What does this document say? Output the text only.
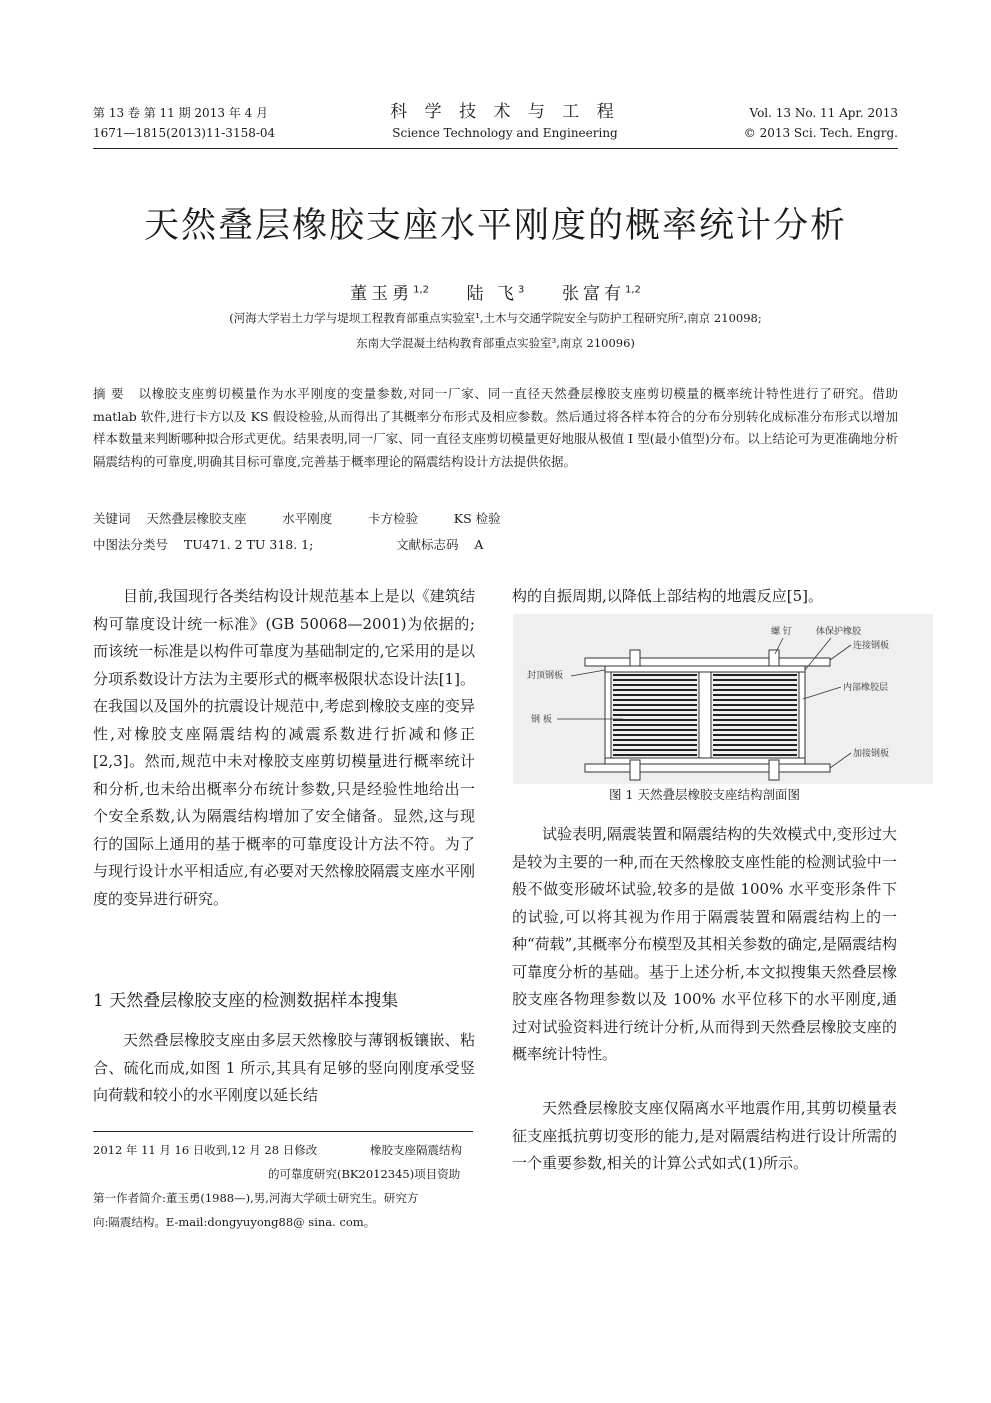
第 13 卷 第 11 期 2013 年 4 月
1671—1815(2013)11-3158-04
科 学 技 术 与 工 程
Science Technology and Engineering
Vol. 13 No. 11 Apr. 2013
© 2013 Sci. Tech. Engrg.
天然叠层橡胶支座水平刚度的概率统计分析
董玉勇$^{1,2}$ 陆 飞$^3$ 张富有$^{1,2}$
(河海大学岩土力学与堤坝工程教育部重点实验室¹,土木与交通学院安全与防护工程研究所²,南京 210098;
东南大学混凝土结构教育部重点实验室³,南京 210096)
摘 要 以橡胶支座剪切模量作为水平刚度的变量参数,对同一厂家、同一直径天然叠层橡胶支座剪切模量的概率统计特性进行了研究。借助 matlab 软件,进行卡方以及 KS 假设检验,从而得出了其概率分布形式及相应参数。然后通过将各样本符合的分布分别转化成标准分布形式以增加样本数量来判断哪种拟合形式更优。结果表明,同一厂家、同一直径支座剪切模量更好地服从极值 Ⅰ 型(最小值型)分布。以上结论可为更准确地分析隔震结构的可靠度,明确其目标可靠度,完善基于概率理论的隔震结构设计方法提供依据。
关键词 天然叠层橡胶支座	水平刚度	卡方检验	KS 检验
中图法分类号 TU471. 2 TU 318. 1;	文献标志码 A
目前,我国现行各类结构设计规范基本上是以《建筑结构可靠度设计统一标准》(GB 50068—2001)为依据的;而该统一标准是以构件可靠度为基础制定的,它采用的是以分项系数设计方法为主要形式的概率极限状态设计法[1]。在我国以及国外的抗震设计规范中,考虑到橡胶支座的变异性,对橡胶支座隔震结构的减震系数进行折减和修正[2,3]。然而,规范中未对橡胶支座剪切模量进行概率统计和分析,也未给出概率分布统计参数,只是经验性地给出一个安全系数,认为隔震结构增加了安全储备。显然,这与现行的国际上通用的基于概率的可靠度设计方法不符。为了与现行设计水平相适应,有必要对天然橡胶隔震支座水平刚度的变异进行研究。
1 天然叠层橡胶支座的检测数据样本搜集
天然叠层橡胶支座由多层天然橡胶与薄钢板镶嵌、粘合、硫化而成,如图 1 所示,其具有足够的竖向刚度承受竖向荷载和较小的水平刚度以延长结
2012 年 11 月 16 日收到,12 月 28 日修改	橡胶支座隔震结构
的可靠度研究(BK2012345)项目资助
第一作者简介:董玉勇(1988—),男,河海大学硕士研究生。研究方
向:隔震结构。E-mail:dongyuyong88@ sina. com。
构的自振周期,以降低上部结构的地震反应[5]。
螺 钉	体保护橡胶
连接钢板
封顶钢板
内部橡胶层
钢 板
加接钢板
图 1 天然叠层橡胶支座结构剖面图
试验表明,隔震装置和隔震结构的失效模式中,变形过大是较为主要的一种,而在天然橡胶支座性能的检测试验中一般不做变形破坏试验,较多的是做 100% 水平变形条件下的试验,可以将其视为作用于隔震装置和隔震结构上的一种“荷载”,其概率分布模型及其相关参数的确定,是隔震结构可靠度分析的基础。基于上述分析,本文拟搜集天然叠层橡胶支座各物理参数以及 100% 水平位移下的水平刚度,通过对试验资料进行统计分析,从而得到天然叠层橡胶支座的概率统计特性。
天然叠层橡胶支座仅隔离水平地震作用,其剪切模量表征支座抵抗剪切变形的能力,是对隔震结构进行设计所需的一个重要参数,相关的计算公式如式(1)所示。
